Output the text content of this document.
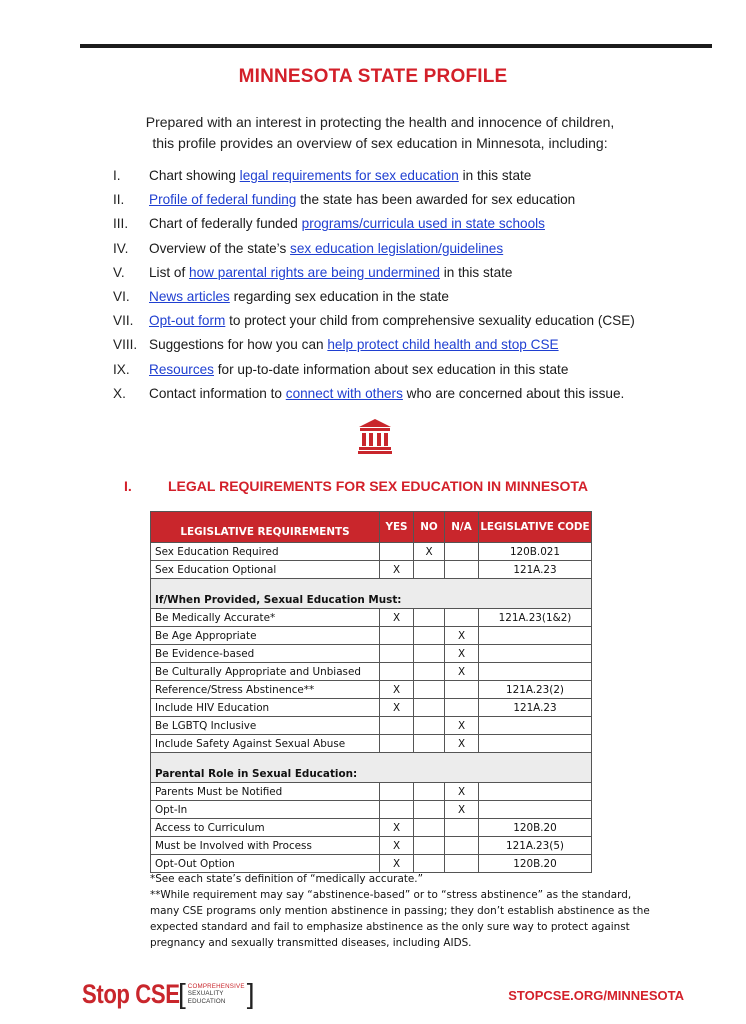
MINNESOTA STATE PROFILE
Prepared with an interest in protecting the health and innocence of children,
this profile provides an overview of sex education in Minnesota, including:
I. Chart showing legal requirements for sex education in this state
II. Profile of federal funding the state has been awarded for sex education
III. Chart of federally funded programs/curricula used in state schools
IV. Overview of the state’s sex education legislation/guidelines
V. List of how parental rights are being undermined in this state
VI. News articles regarding sex education in the state
VII. Opt-out form to protect your child from comprehensive sexuality education (CSE)
VIII. Suggestions for how you can help protect child health and stop CSE
IX. Resources for up-to-date information about sex education in this state
X. Contact information to connect with others who are concerned about this issue.
I.	LEGAL REQUIREMENTS FOR SEX EDUCATION IN MINNESOTA
LEGISLATIVE REQUIREMENTS	YES	NO	N/A	LEGISLATIVE CODE
Sex Education Required		X		120B.021
Sex Education Optional	X			121A.23

If/When Provided, Sexual Education Must:				
Be Medically Accurate*	X			121A.23(1&2)
Be Age Appropriate			X	
Be Evidence-based			X	
Be Culturally Appropriate and Unbiased			X	
Reference/Stress Abstinence**	X			121A.23(2)
Include HIV Education	X			121A.23
Be LGBTQ Inclusive			X	
Include Safety Against Sexual Abuse			X	

Parental Role in Sexual Education:				
Parents Must be Notified			X	
Opt-In			X	
Access to Curriculum	X			120B.20
Must be Involved with Process	X			121A.23(5)
Opt-Out Option	X			120B.20

*See each state’s definition of “medically accurate.”

**While requirement may say “abstinence-based” or to “stress abstinence” as the standard,

many CSE programs only mention abstinence in passing; they don’t establish abstinence as the

expected standard and fail to emphasize abstinence as the only sure way to protect against

pregnancy and sexually transmitted diseases, including AIDS.

Stop CSE
[ COMPREHENSIVE
SEXUALITY
EDUCATION ]	STOPCSE.ORG/MINNESOTA
